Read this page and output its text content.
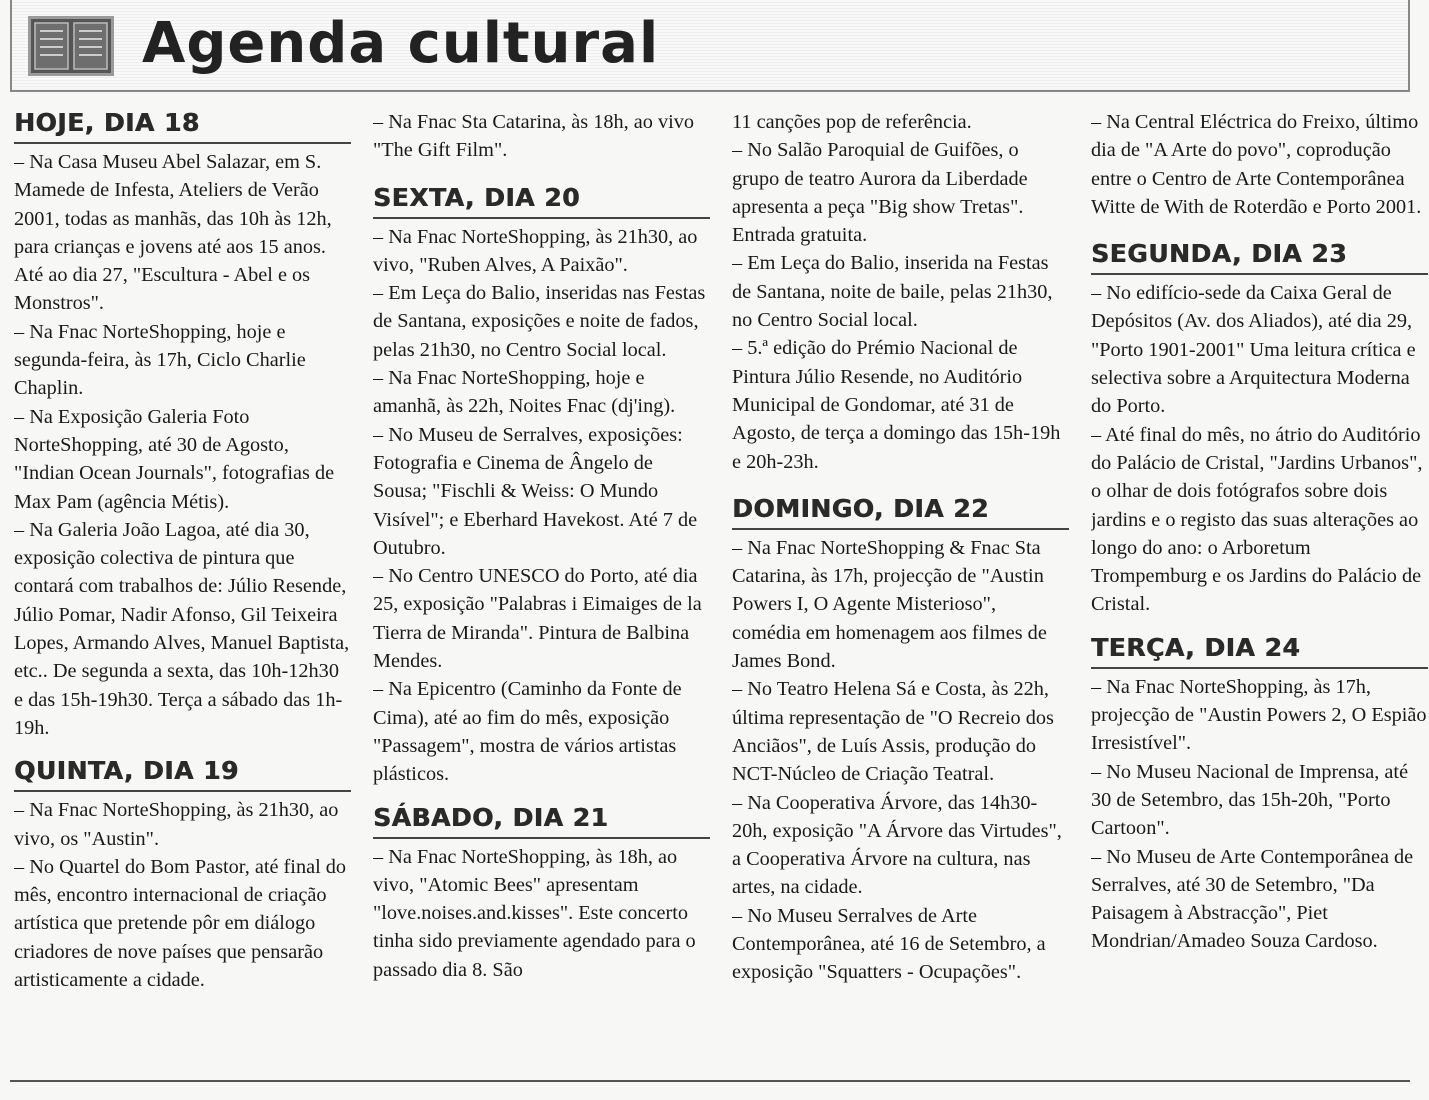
Agenda cultural
HOJE, DIA 18

– Na Casa Museu Abel Salazar, em S. Mamede de Infesta, Ateliers de Verão 2001, todas as manhãs, das 10h às 12h, para crianças e jovens até aos 15 anos. Até ao dia 27, "Escultura - Abel e os Monstros".

– Na Fnac NorteShopping, hoje e segunda-feira, às 17h, Ciclo Charlie Chaplin.

– Na Exposição Galeria Foto NorteShopping, até 30 de Agosto, "Indian Ocean Journals", fotografias de Max Pam (agência Métis).

– Na Galeria João Lagoa, até dia 30, exposição colectiva de pintura que contará com trabalhos de: Júlio Resende, Júlio Pomar, Nadir Afonso, Gil Teixeira Lopes, Armando Alves, Manuel Baptista, etc.. De segunda a sexta, das 10h-12h30 e das 15h-19h30. Terça a sábado das 1h-19h.

QUINTA, DIA 19

– Na Fnac NorteShopping, às 21h30, ao vivo, os "Austin".

– No Quartel do Bom Pastor, até final do mês, encontro internacional de criação artística que pretende pôr em diálogo criadores de nove países que pensarão artisticamente a cidade.

– Na Fnac Sta Catarina, às 18h, ao vivo "The Gift Film".

SEXTA, DIA 20

– Na Fnac NorteShopping, às 21h30, ao vivo, "Ruben Alves, A Paixão".

– Em Leça do Balio, inseridas nas Festas de Santana, exposições e noite de fados, pelas 21h30, no Centro Social local.

– Na Fnac NorteShopping, hoje e amanhã, às 22h, Noites Fnac (dj'ing).

– No Museu de Serralves, exposições: Fotografia e Cinema de Ângelo de Sousa; "Fischli & Weiss: O Mundo Visível"; e Eberhard Havekost. Até 7 de Outubro.

– No Centro UNESCO do Porto, até dia 25, exposição "Palabras i Eimaiges de la Tierra de Miranda". Pintura de Balbina Mendes.

– Na Epicentro (Caminho da Fonte de Cima), até ao fim do mês, exposição "Passagem", mostra de vários artistas plásticos.

SÁBADO, DIA 21

– Na Fnac NorteShopping, às 18h, ao vivo, "Atomic Bees" apresentam "love.noises.and.kisses". Este concerto tinha sido previamente agendado para o passado dia 8. São

11 canções pop de referência.

– No Salão Paroquial de Guifões, o grupo de teatro Aurora da Liberdade apresenta a peça "Big show Tretas". Entrada gratuita.

– Em Leça do Balio, inserida na Festas de Santana, noite de baile, pelas 21h30, no Centro Social local.

– 5.ª edição do Prémio Nacional de Pintura Júlio Resende, no Auditório Municipal de Gondomar, até 31 de Agosto, de terça a domingo das 15h-19h e 20h-23h.

DOMINGO, DIA 22

– Na Fnac NorteShopping & Fnac Sta Catarina, às 17h, projecção de "Austin Powers I, O Agente Misterioso", comédia em homenagem aos filmes de James Bond.

– No Teatro Helena Sá e Costa, às 22h, última representação de "O Recreio dos Anciãos", de Luís Assis, produção do NCT-Núcleo de Criação Teatral.

– Na Cooperativa Árvore, das 14h30-20h, exposição "A Árvore das Virtudes", a Cooperativa Árvore na cultura, nas artes, na cidade.

– No Museu Serralves de Arte Contemporânea, até 16 de Setembro, a exposição "Squatters - Ocupações".

– Na Central Eléctrica do Freixo, último dia de "A Arte do povo", coprodução entre o Centro de Arte Contemporânea Witte de With de Roterdão e Porto 2001.

SEGUNDA, DIA 23

– No edifício-sede da Caixa Geral de Depósitos (Av. dos Aliados), até dia 29, "Porto 1901-2001" Uma leitura crítica e selectiva sobre a Arquitectura Moderna do Porto.

– Até final do mês, no átrio do Auditório do Palácio de Cristal, "Jardins Urbanos", o olhar de dois fotógrafos sobre dois jardins e o registo das suas alterações ao longo do ano: o Arboretum Trompemburg e os Jardins do Palácio de Cristal.

TERÇA, DIA 24

– Na Fnac NorteShopping, às 17h, projecção de "Austin Powers 2, O Espião Irresistível".

– No Museu Nacional de Imprensa, até 30 de Setembro, das 15h-20h, "Porto Cartoon".

– No Museu de Arte Contemporânea de Serralves, até 30 de Setembro, "Da Paisagem à Abstracção", Piet Mondrian/Amadeo Souza Cardoso.
